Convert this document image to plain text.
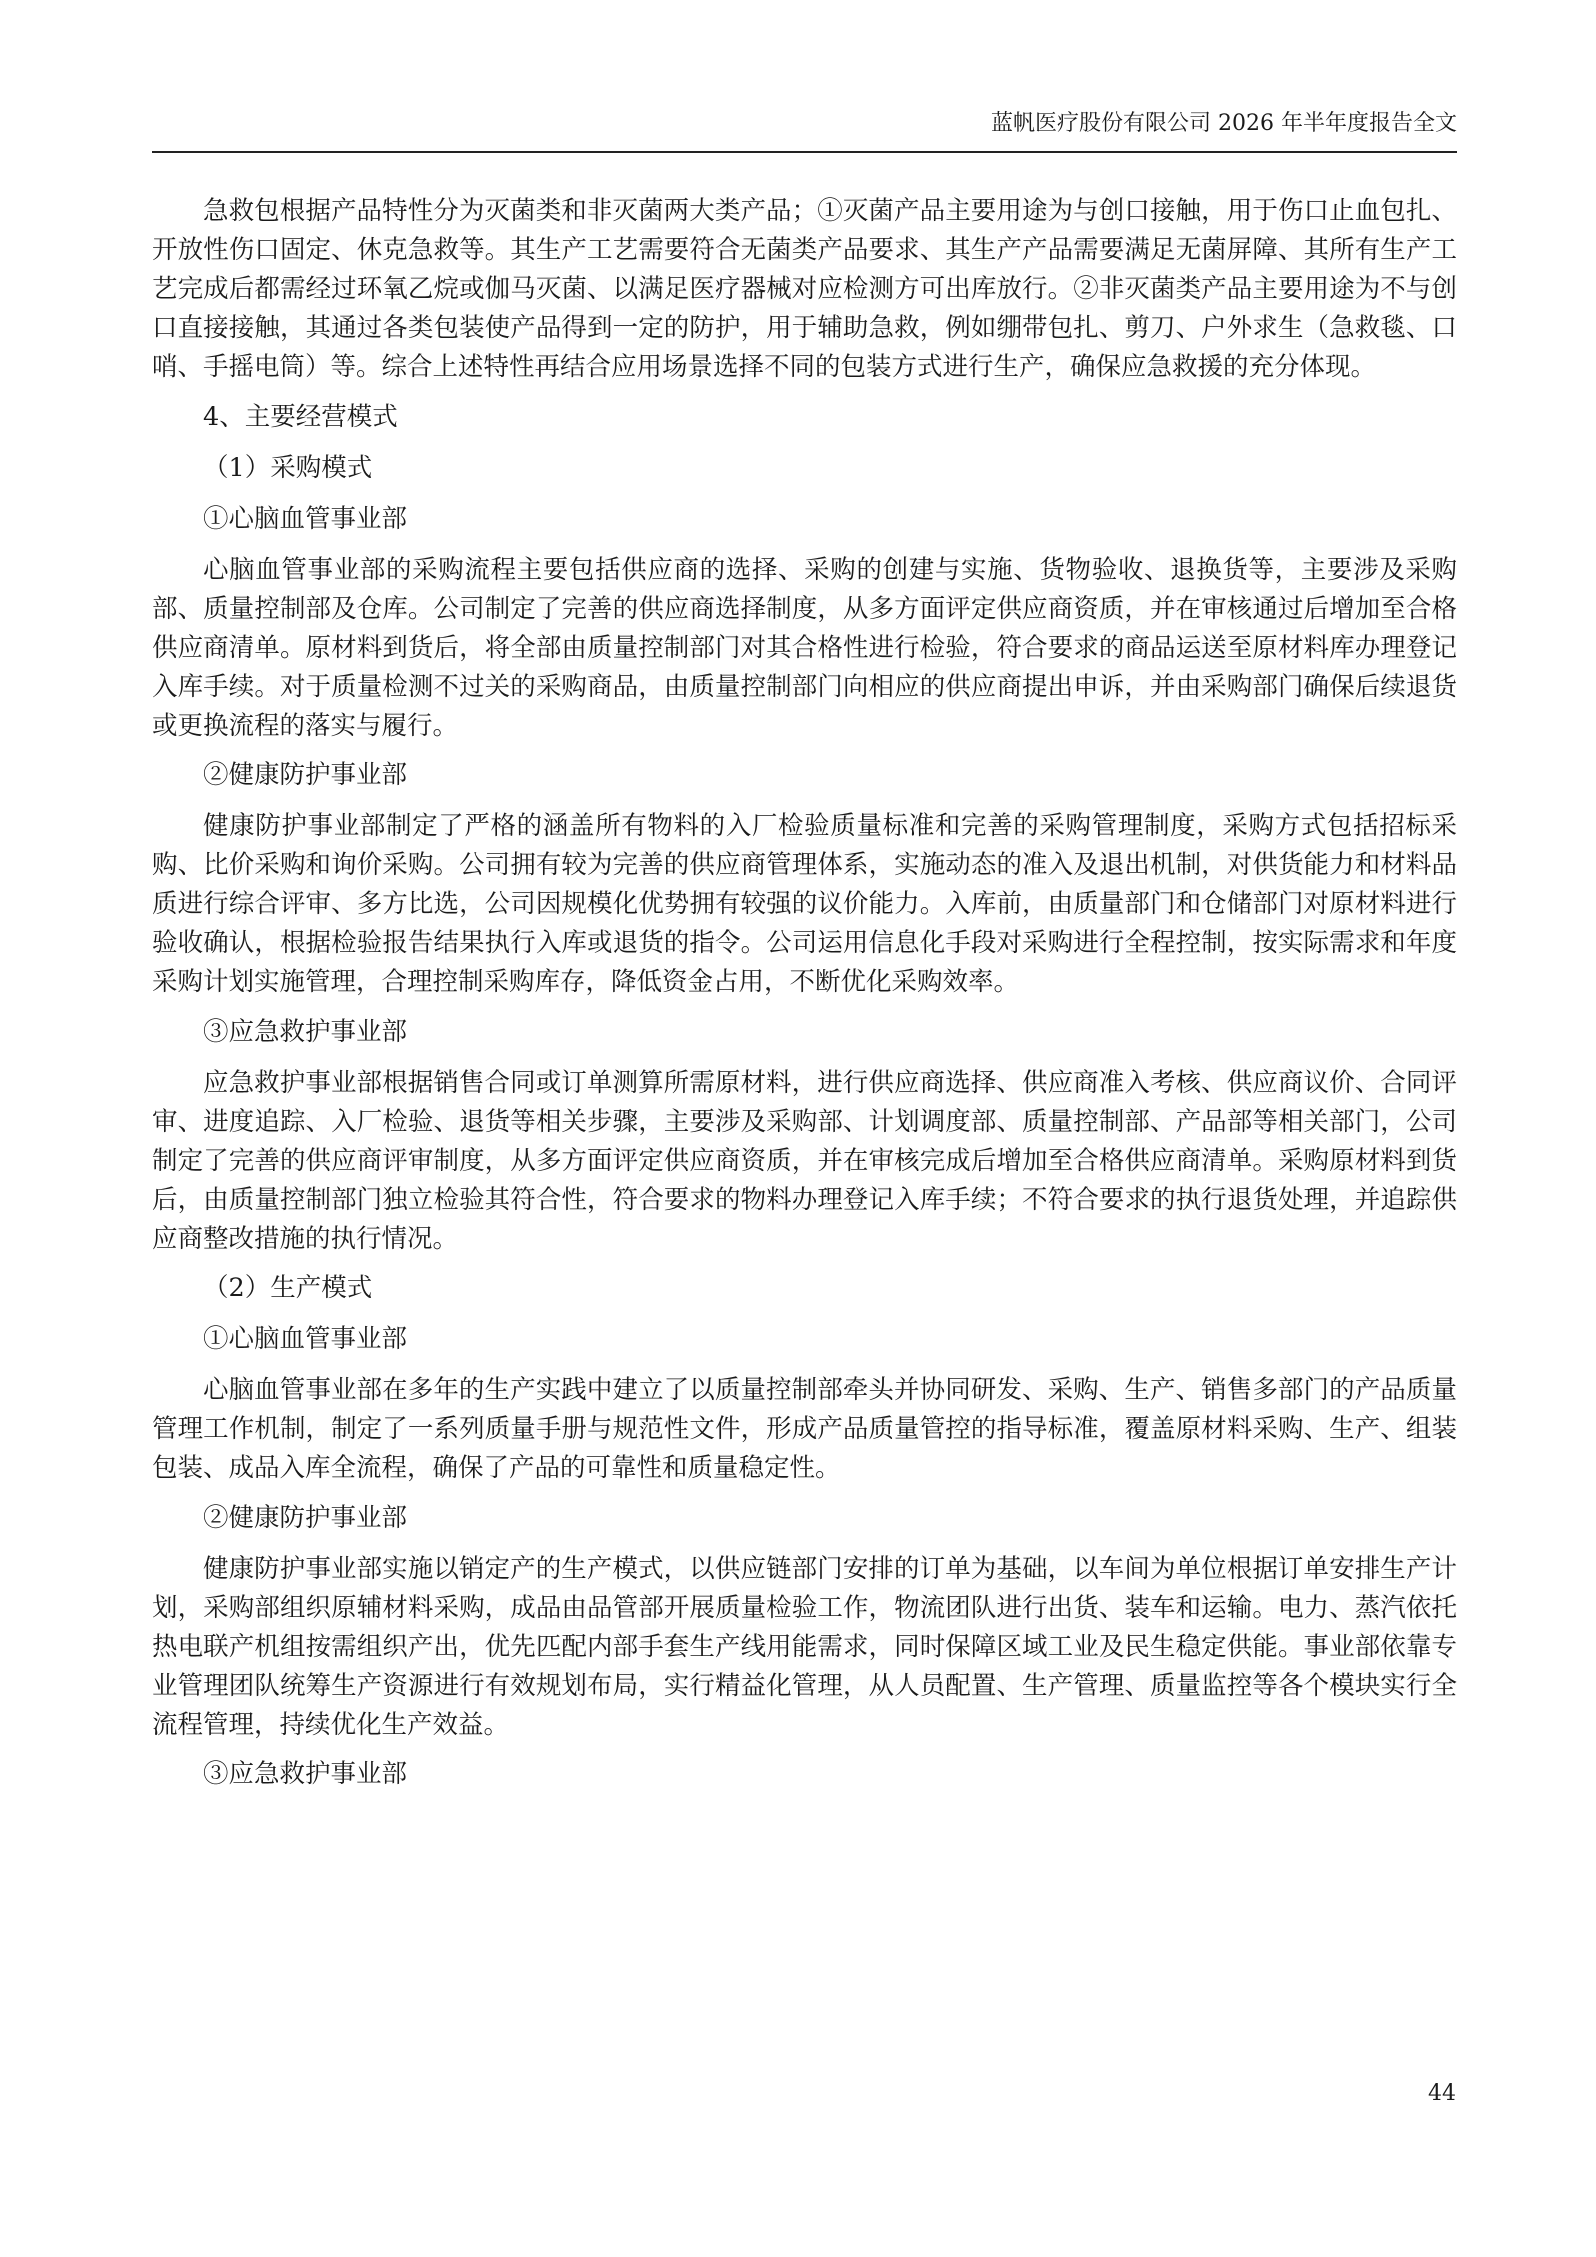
蓝帆医疗股份有限公司 2026 年半年度报告全文

急救包根据产品特性分为灭菌类和非灭菌两大类产品；①灭菌产品主要用途为与创口接触，用于伤口止血包扎、开放性伤口固定、休克急救等。其生产工艺需要符合无菌类产品要求、其生产产品需要满足无菌屏障、其所有生产工艺完成后都需经过环氧乙烷或伽马灭菌、以满足医疗器械对应检测方可出库放行。②非灭菌类产品主要用途为不与创口直接接触，其通过各类包装使产品得到一定的防护，用于辅助急救，例如绷带包扎、剪刀、户外求生（急救毯、口哨、手摇电筒）等。综合上述特性再结合应用场景选择不同的包装方式进行生产，确保应急救援的充分体现。

4、主要经营模式

（1）采购模式

①心脑血管事业部

心脑血管事业部的采购流程主要包括供应商的选择、采购的创建与实施、货物验收、退换货等，主要涉及采购部、质量控制部及仓库。公司制定了完善的供应商选择制度，从多方面评定供应商资质，并在审核通过后增加至合格供应商清单。原材料到货后，将全部由质量控制部门对其合格性进行检验，符合要求的商品运送至原材料库办理登记入库手续。对于质量检测不过关的采购商品，由质量控制部门向相应的供应商提出申诉，并由采购部门确保后续退货或更换流程的落实与履行。

②健康防护事业部

健康防护事业部制定了严格的涵盖所有物料的入厂检验质量标准和完善的采购管理制度，采购方式包括招标采购、比价采购和询价采购。公司拥有较为完善的供应商管理体系，实施动态的准入及退出机制，对供货能力和材料品质进行综合评审、多方比选，公司因规模化优势拥有较强的议价能力。入库前，由质量部门和仓储部门对原材料进行验收确认，根据检验报告结果执行入库或退货的指令。公司运用信息化手段对采购进行全程控制，按实际需求和年度采购计划实施管理，合理控制采购库存，降低资金占用，不断优化采购效率。

③应急救护事业部

应急救护事业部根据销售合同或订单测算所需原材料，进行供应商选择、供应商准入考核、供应商议价、合同评审、进度追踪、入厂检验、退货等相关步骤，主要涉及采购部、计划调度部、质量控制部、产品部等相关部门，公司制定了完善的供应商评审制度，从多方面评定供应商资质，并在审核完成后增加至合格供应商清单。采购原材料到货后，由质量控制部门独立检验其符合性，符合要求的物料办理登记入库手续；不符合要求的执行退货处理，并追踪供应商整改措施的执行情况。

（2）生产模式

①心脑血管事业部

心脑血管事业部在多年的生产实践中建立了以质量控制部牵头并协同研发、采购、生产、销售多部门的产品质量管理工作机制，制定了一系列质量手册与规范性文件，形成产品质量管控的指导标准，覆盖原材料采购、生产、组装包装、成品入库全流程，确保了产品的可靠性和质量稳定性。

②健康防护事业部

健康防护事业部实施以销定产的生产模式，以供应链部门安排的订单为基础，以车间为单位根据订单安排生产计划，采购部组织原辅材料采购，成品由品管部开展质量检验工作，物流团队进行出货、装车和运输。电力、蒸汽依托热电联产机组按需组织产出，优先匹配内部手套生产线用能需求，同时保障区域工业及民生稳定供能。事业部依靠专业管理团队统筹生产资源进行有效规划布局，实行精益化管理，从人员配置、生产管理、质量监控等各个模块实行全流程管理，持续优化生产效益。

③应急救护事业部

44
